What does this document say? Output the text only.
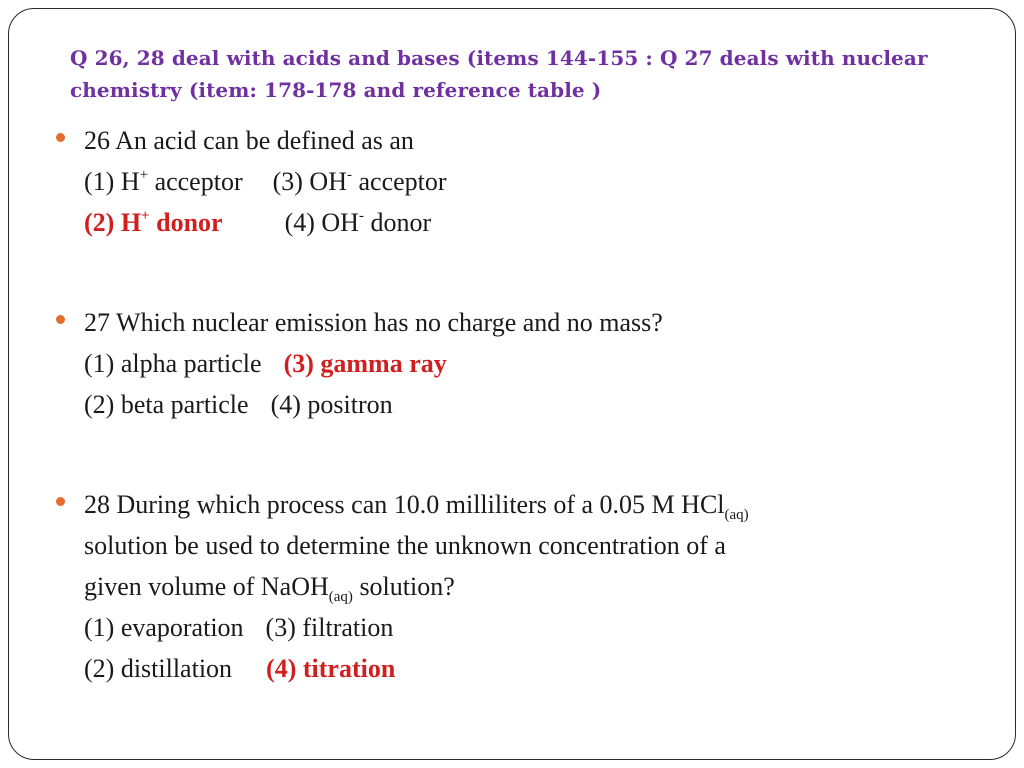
Q 26, 28 deal with acids and bases (items 144-155 : Q 27 deals with nuclear chemistry (item: 178-178 and reference table )
26 An acid can be defined as an
(1) H+ acceptor (3) OH- acceptor
(2) H+ donor (4) OH- donor
27 Which nuclear emission has no charge and no mass?
(1) alpha particle (3) gamma ray
(2) beta particle (4) positron
28 During which process can 10.0 milliliters of a 0.05 M HCl$_{(aq)}$
solution be used to determine the unknown concentration of a
given volume of NaOH$_{(aq)}$ solution?
(1) evaporation (3) filtration
(2) distillation (4) titration
